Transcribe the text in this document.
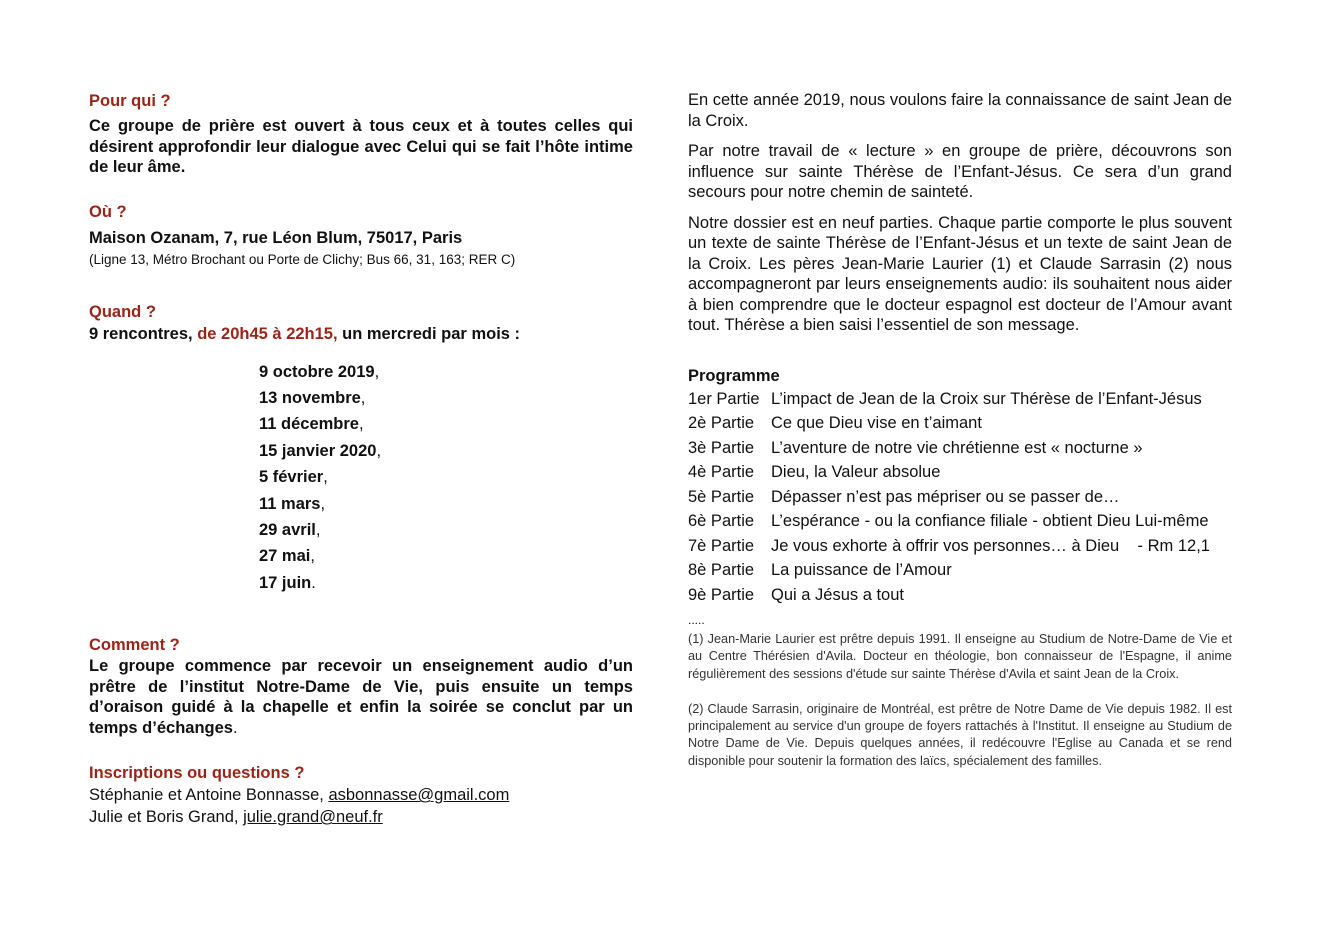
Pour qui ?

Ce groupe de prière est ouvert à tous ceux et à toutes celles qui désirent approfondir leur dialogue avec Celui qui se fait l’hôte intime de leur âme.

Où ?

Maison Ozanam, 7, rue Léon Blum, 75017, Paris

(Ligne 13, Métro Brochant ou Porte de Clichy; Bus 66, 31, 163; RER C)

Quand ?

9 rencontres, de 20h45 à 22h15, un mercredi par mois :

9 octobre 2019,
13 novembre,
11 décembre,
15 janvier 2020,
5 février,
11 mars,
29 avril,
27 mai,
17 juin.

Comment ?

Le groupe commence par recevoir un enseignement audio d’un prêtre de l’institut Notre-Dame de Vie, puis ensuite un temps d’oraison guidé à la chapelle et enfin la soirée se conclut par un temps d’échanges.

Inscriptions ou questions ?

Stéphanie et Antoine Bonnasse, asbonnasse@gmail.com

Julie et Boris Grand, julie.grand@neuf.fr

En cette année 2019, nous voulons faire la connaissance de saint Jean de la Croix.

Par notre travail de « lecture » en groupe de prière, découvrons son influence sur sainte Thérèse de l’Enfant-Jésus. Ce sera d’un grand secours pour notre chemin de sainteté.

Notre dossier est en neuf parties. Chaque partie comporte le plus souvent un texte de sainte Thérèse de l’Enfant-Jésus et un texte de saint Jean de la Croix. Les pères Jean-Marie Laurier (1) et Claude Sarrasin (2) nous accompagneront par leurs enseignements audio: ils souhaitent nous aider à bien comprendre que le docteur espagnol est docteur de l’Amour avant tout. Thérèse a bien saisi l’essentiel de son message.

Programme

1er Partie L’impact de Jean de la Croix sur Thérèse de l’Enfant-Jésus
2è Partie Ce que Dieu vise en t’aimant
3è Partie L’aventure de notre vie chrétienne est « nocturne »
4è Partie Dieu, la Valeur absolue
5è Partie Dépasser n’est pas mépriser ou se passer de…
6è Partie L’espérance - ou la confiance filiale - obtient Dieu Lui-même
7è Partie Je vous exhorte à offrir vos personnes… à Dieu    - Rm 12,1
8è Partie La puissance de l’Amour
9è Partie Qui a Jésus a tout

.....

(1) Jean-Marie Laurier est prêtre depuis 1991. Il enseigne au Studium de Notre-Dame de Vie et au Centre Thérésien d'Avila. Docteur en théologie, bon connaisseur de l'Espagne, il anime régulièrement des sessions d'étude sur sainte Thérèse d'Avila et saint Jean de la Croix.

(2) Claude Sarrasin, originaire de Montréal, est prêtre de Notre Dame de Vie depuis 1982. Il est principalement au service d'un groupe de foyers rattachés à l'Institut. Il enseigne au Studium de Notre Dame de Vie. Depuis quelques années, il redécouvre l'Eglise au Canada et se rend disponible pour soutenir la formation des laïcs, spécialement des familles.
